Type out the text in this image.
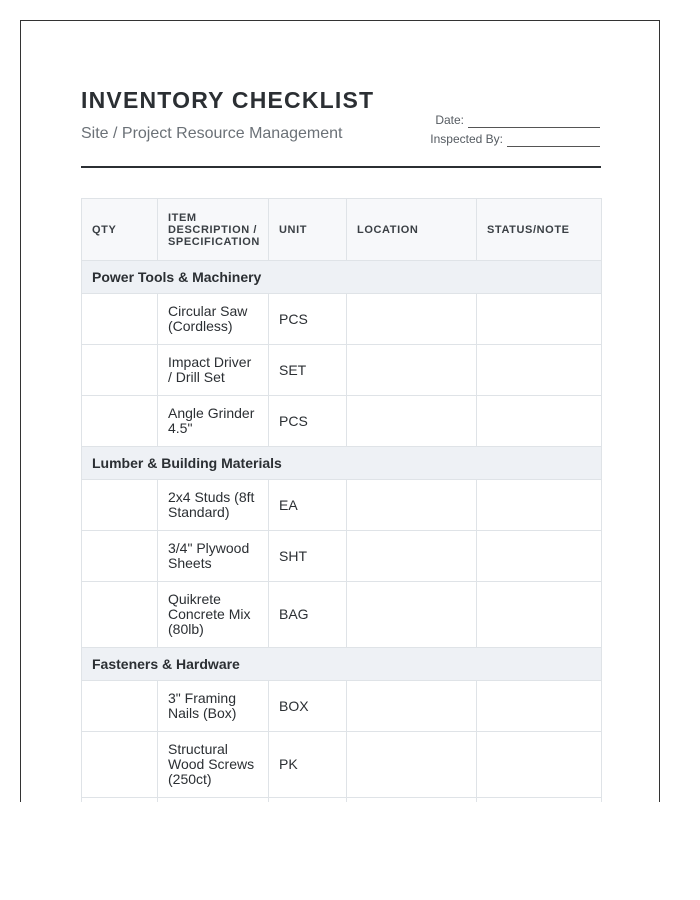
INVENTORY CHECKLIST
Site / Project Resource Management
Date:
Inspected By:
QTY	ITEM DESCRIPTION / SPECIFICATION	UNIT	LOCATION	STATUS/NOTE
Power Tools & Machinery				
	Circular Saw (Cordless)	PCS		
	Impact Driver / Drill Set	SET		
	Angle Grinder 4.5"	PCS		
Lumber & Building Materials				
	2x4 Studs (8ft Standard)	EA		
	3/4" Plywood Sheets	SHT		
	Quikrete Concrete Mix (80lb)	BAG		
Fasteners & Hardware				
	3" Framing Nails (Box)	BOX		
	Structural Wood Screws (250ct)	PK		
